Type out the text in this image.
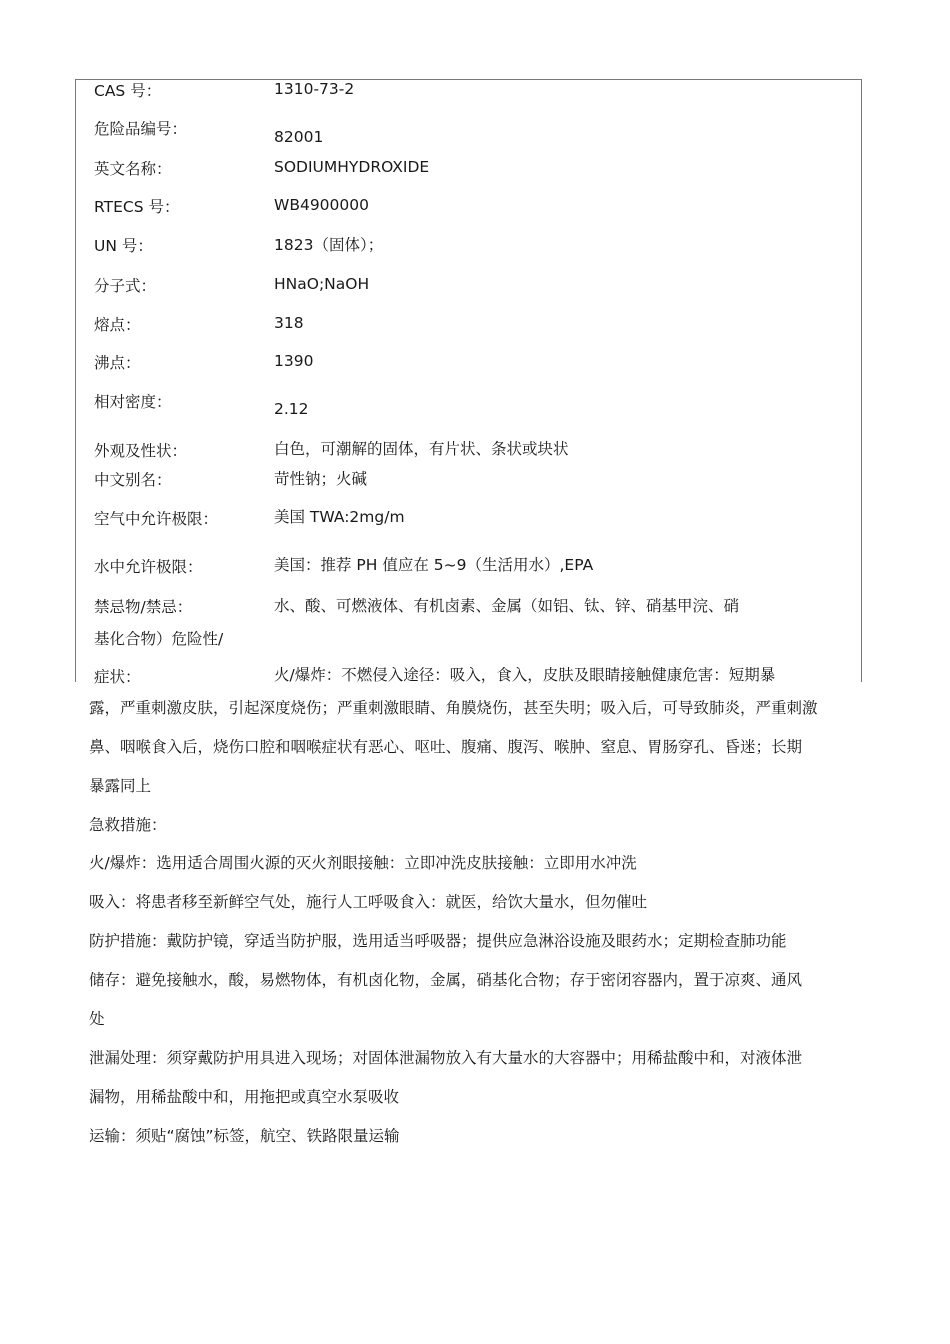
CAS 号：	1310-73-2
危险品编号：	82001
英文名称：	SODIUMHYDROXIDE
RTECS 号：	WB4900000
UN 号：	1823（固体）；
分子式：	HNaO;NaOH
熔点：	318
沸点：	1390
相对密度：	2.12
外观及性状：	白色，可潮解的固体，有片状、条状或块状
中文别名：	苛性钠；火碱
空气中允许极限：	美国 TWA:2mg/m
水中允许极限：	美国：推荐 PH 值应在 5~9（生活用水）,EPA
禁忌物/禁忌：	水、酸、可燃液体、有机卤素、金属（如铝、钛、锌、硝基甲浣、硝
基化合物）危险性/
症状：	火/爆炸：不燃侵入途径：吸入，食入，皮肤及眼睛接触健康危害：短期暴
露，严重刺激皮肤，引起深度烧伤；严重刺激眼睛、角膜烧伤，甚至失明；吸入后，可导致肺炎，严重刺激
鼻、咽喉食入后，烧伤口腔和咽喉症状有恶心、呕吐、腹痛、腹泻、喉肿、窒息、胃肠穿孔、昏迷；长期
暴露同上
急救措施：
火/爆炸：选用适合周围火源的灭火剂眼接触：立即冲洗皮肤接触：立即用水冲洗
吸入：将患者移至新鲜空气处，施行人工呼吸食入：就医，给饮大量水，但勿催吐
防护措施：戴防护镜，穿适当防护服，选用适当呼吸器；提供应急淋浴设施及眼药水；定期检查肺功能
储存：避免接触水，酸，易燃物体，有机卤化物，金属，硝基化合物；存于密闭容器内，置于凉爽、通风
处
泄漏处理：须穿戴防护用具进入现场；对固体泄漏物放入有大量水的大容器中；用稀盐酸中和，对液体泄
漏物，用稀盐酸中和，用拖把或真空水泵吸收
运输：须贴“腐蚀”标签，航空、铁路限量运输
